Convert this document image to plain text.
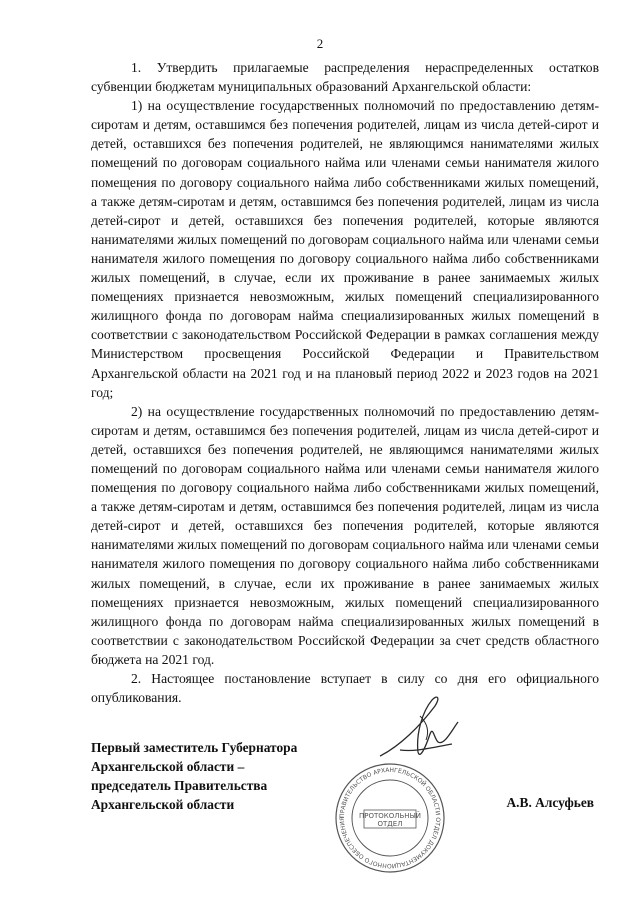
2

1. Утвердить прилагаемые распределения нераспределенных остатков субвенции бюджетам муниципальных образований Архангельской области:

1) на осуществление государственных полномочий по предоставлению детям-сиротам и детям, оставшимся без попечения родителей, лицам из числа детей-сирот и детей, оставшихся без попечения родителей, не являющимся нанимателями жилых помещений по договорам социального найма или членами семьи нанимателя жилого помещения по договору социального найма либо собственниками жилых помещений, а также детям-сиротам и детям, оставшимся без попечения родителей, лицам из числа детей-сирот и детей, оставшихся без попечения родителей, которые являются нанимателями жилых помещений по договорам социального найма или членами семьи нанимателя жилого помещения по договору социального найма либо собственниками жилых помещений, в случае, если их проживание в ранее занимаемых жилых помещениях признается невозможным, жилых помещений специализированного жилищного фонда по договорам найма специализированных жилых помещений в соответствии с законодательством Российской Федерации в рамках соглашения между Министерством просвещения Российской Федерации и Правительством Архангельской области на 2021 год и на плановый период 2022 и 2023 годов на 2021 год;

2) на осуществление государственных полномочий по предоставлению детям-сиротам и детям, оставшимся без попечения родителей, лицам из числа детей-сирот и детей, оставшихся без попечения родителей, не являющимся нанимателями жилых помещений по договорам социального найма или членами семьи нанимателя жилого помещения по договору социального найма либо собственниками жилых помещений, а также детям-сиротам и детям, оставшимся без попечения родителей, лицам из числа детей-сирот и детей, оставшихся без попечения родителей, которые являются нанимателями жилых помещений по договорам социального найма или членами семьи нанимателя жилого помещения по договору социального найма либо собственниками жилых помещений, в случае, если их проживание в ранее занимаемых жилых помещениях признается невозможным, жилых помещений специализированного жилищного фонда по договорам найма специализированных жилых помещений в соответствии с законодательством Российской Федерации за счет средств областного бюджета на 2021 год.

2. Настоящее постановление вступает в силу со дня его официального опубликования.

Первый заместитель Губернатора
Архангельской области –
председатель Правительства
Архангельской области	А.В. Алсуфьев
ПРАВИТЕЛЬСТВО АРХАНГЕЛЬСКОЙ ОБЛАСТИ ОТДЕЛ ДОКУМЕНТАЦИОННОГО ОБЕСПЕЧЕНИЯ	ПРОТОКОЛЬНЫЙ
ОТДЕЛ
